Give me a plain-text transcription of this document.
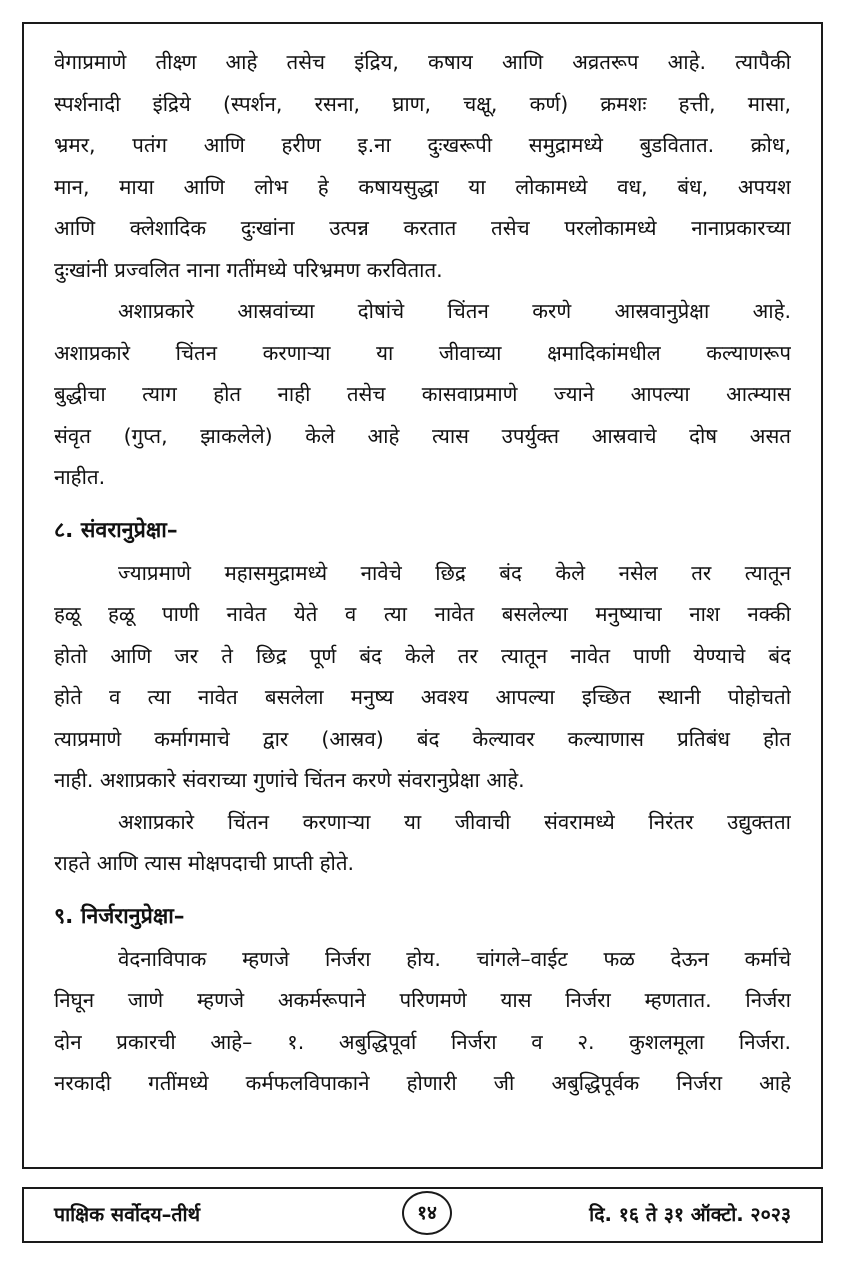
वेगाप्रमाणे तीक्ष्ण आहे तसेच इंद्रिय, कषाय आणि अव्रतरूप आहे. त्यापैकी
स्पर्शनादी इंद्रिये (स्पर्शन, रसना, घ्राण, चक्षू, कर्ण) क्रमशः हत्ती, मासा,
भ्रमर, पतंग आणि हरीण इ.ना दुःखरूपी समुद्रामध्ये बुडवितात. क्रोध,
मान, माया आणि लोभ हे कषायसुद्धा या लोकामध्ये वध, बंध, अपयश
आणि क्लेशादिक दुःखांना उत्पन्न करतात तसेच परलोकामध्ये नानाप्रकारच्या
दुःखांनी प्रज्वलित नाना गतींमध्ये परिभ्रमण करवितात.
अशाप्रकारे आस्रवांच्या दोषांचे चिंतन करणे आस्रवानुप्रेक्षा आहे.
अशाप्रकारे चिंतन करणाऱ्या या जीवाच्या क्षमादिकांमधील कल्याणरूप
बुद्धीचा त्याग होत नाही तसेच कासवाप्रमाणे ज्याने आपल्या आत्म्यास
संवृत (गुप्त, झाकलेले) केले आहे त्यास उपर्युक्त आस्रवाचे दोष असत
नाहीत.
८. संवरानुप्रेक्षा–
ज्याप्रमाणे महासमुद्रामध्ये नावेचे छिद्र बंद केले नसेल तर त्यातून
हळू हळू पाणी नावेत येते व त्या नावेत बसलेल्या मनुष्याचा नाश नक्की
होतो आणि जर ते छिद्र पूर्ण बंद केले तर त्यातून नावेत पाणी येण्याचे बंद
होते व त्या नावेत बसलेला मनुष्य अवश्य आपल्या इच्छित स्थानी पोहोचतो
त्याप्रमाणे कर्मागमाचे द्वार (आस्रव) बंद केल्यावर कल्याणास प्रतिबंध होत
नाही. अशाप्रकारे संवराच्या गुणांचे चिंतन करणे संवरानुप्रेक्षा आहे.
अशाप्रकारे चिंतन करणाऱ्या या जीवाची संवरामध्ये निरंतर उद्युक्तता
राहते आणि त्यास मोक्षपदाची प्राप्ती होते.
९. निर्जरानुप्रेक्षा–
वेदनाविपाक म्हणजे निर्जरा होय. चांगले–वाईट फळ देऊन कर्माचे
निघून जाणे म्हणजे अकर्मरूपाने परिणमणे यास निर्जरा म्हणतात. निर्जरा
दोन प्रकारची आहे– १. अबुद्धिपूर्वा निर्जरा व २. कुशलमूला निर्जरा.
नरकादी गतींमध्ये कर्मफलविपाकाने होणारी जी अबुद्धिपूर्वक निर्जरा आहे
पाक्षिक सर्वोदय–तीर्थ	१४	दि. १६ ते ३१ ऑक्टो. २०२३
